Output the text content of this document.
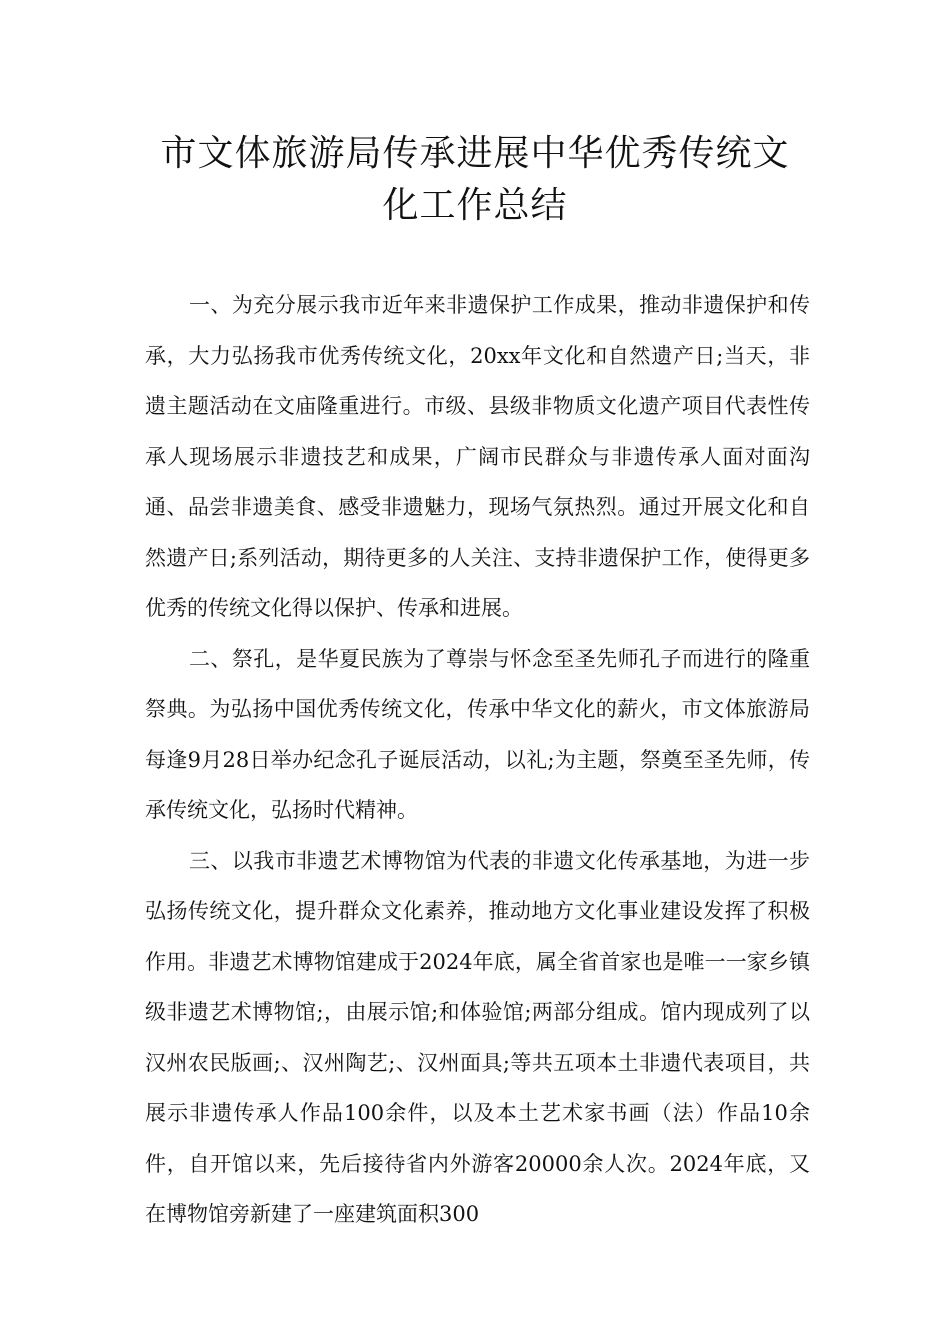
市文体旅游局传承进展中华优秀传统文
化工作总结

一、为充分展示我市近年来非遗保护工作成果，推动非遗保护和传承，大力弘扬我市优秀传统文化，20xx年文化和自然遗产日;当天，非遗主题活动在文庙隆重进行。市级、县级非物质文化遗产项目代表性传承人现场展示非遗技艺和成果，广阔市民群众与非遗传承人面对面沟通、品尝非遗美食、感受非遗魅力，现场气氛热烈。通过开展文化和自然遗产日;系列活动，期待更多的人关注、支持非遗保护工作，使得更多优秀的传统文化得以保护、传承和进展。

二、祭孔，是华夏民族为了尊崇与怀念至圣先师孔子而进行的隆重祭典。为弘扬中国优秀传统文化，传承中华文化的薪火，市文体旅游局每逢9月28日举办纪念孔子诞辰活动，以礼;为主题，祭奠至圣先师，传承传统文化，弘扬时代精神。

三、以我市非遗艺术博物馆为代表的非遗文化传承基地，为进一步弘扬传统文化，提升群众文化素养，推动地方文化事业建设发挥了积极作用。非遗艺术博物馆建成于2024年底，属全省首家也是唯一一家乡镇级非遗艺术博物馆;，由展示馆;和体验馆;两部分组成。馆内现成列了以汉州农民版画;、汉州陶艺;、汉州面具;等共五项本土非遗代表项目，共展示非遗传承人作品100余件，以及本土艺术家书画（法）作品10余件，自开馆以来，先后接待省内外游客20000余人次。2024年底，又在博物馆旁新建了一座建筑面积300
